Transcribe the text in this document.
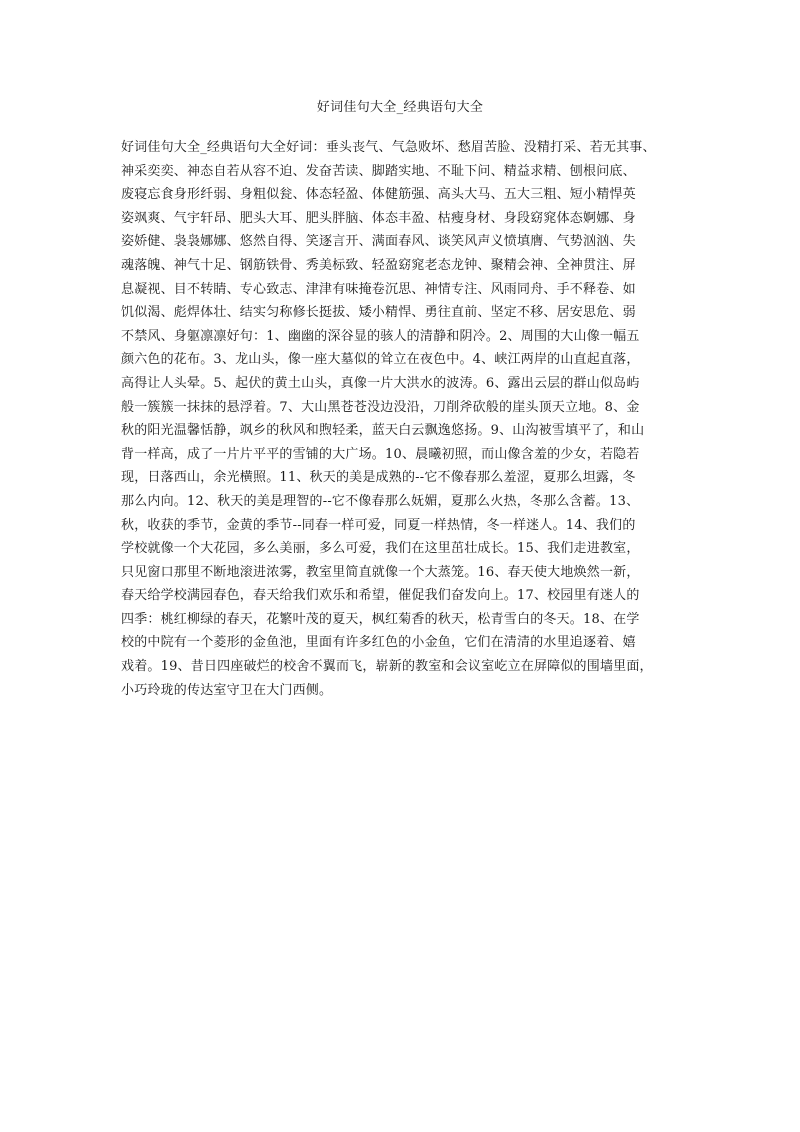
好词佳句大全_经典语句大全
好词佳句大全_经典语句大全好词：垂头丧气、气急败坏、愁眉苦脸、没精打采、若无其事、
神采奕奕、神态自若从容不迫、发奋苦读、脚踏实地、不耻下问、精益求精、刨根问底、
废寝忘食身形纤弱、身粗似瓮、体态轻盈、体健筋强、高头大马、五大三粗、短小精悍英
姿飒爽、气宇轩昂、肥头大耳、肥头胖脑、体态丰盈、枯瘦身材、身段窈窕体态婀娜、身
姿娇健、袅袅娜娜、悠然自得、笑逐言开、满面春风、谈笑风声义愤填膺、气势汹汹、失
魂落魄、神气十足、钢筋铁骨、秀美标致、轻盈窈窕老态龙钟、聚精会神、全神贯注、屏
息凝视、目不转睛、专心致志、津津有味掩卷沉思、神情专注、风雨同舟、手不释卷、如
饥似渴、彪焊体壮、结实匀称修长挺拔、矮小精悍、勇往直前、坚定不移、居安思危、弱
不禁风、身躯凛凛好句：1、幽幽的深谷显的骇人的清静和阴冷。2、周围的大山像一幅五
颜六色的花布。3、龙山头，像一座大墓似的耸立在夜色中。4、峡江两岸的山直起直落，
高得让人头晕。5、起伏的黄土山头，真像一片大洪水的波涛。6、露出云层的群山似岛屿
般一簇簇一抹抹的悬浮着。7、大山黑苍苍没边没沿，刀削斧砍般的崖头顶天立地。8、金
秋的阳光温馨恬静，飒乡的秋风和煦轻柔，蓝天白云飘逸悠扬。9、山沟被雪填平了，和山
背一样高，成了一片片平平的雪铺的大广场。10、晨曦初照，而山像含羞的少女，若隐若
现，日落西山，余光横照。11、秋天的美是成熟的--它不像春那么羞涩，夏那么坦露，冬
那么内向。12、秋天的美是理智的--它不像春那么妩媚，夏那么火热，冬那么含蓄。13、
秋，收获的季节，金黄的季节--同春一样可爱，同夏一样热情，冬一样迷人。14、我们的
学校就像一个大花园，多么美丽，多么可爱，我们在这里茁壮成长。15、我们走进教室，
只见窗口那里不断地滚进浓雾，教室里简直就像一个大蒸笼。16、春天使大地焕然一新，
春天给学校满园春色，春天给我们欢乐和希望，催促我们奋发向上。17、校园里有迷人的
四季：桃红柳绿的春天，花繁叶茂的夏天，枫红菊香的秋天，松青雪白的冬天。18、在学
校的中院有一个菱形的金鱼池，里面有许多红色的小金鱼，它们在清清的水里追逐着、嬉
戏着。19、昔日四座破烂的校舍不翼而飞，崭新的教室和会议室屹立在屏障似的围墙里面，
小巧玲珑的传达室守卫在大门西侧。
